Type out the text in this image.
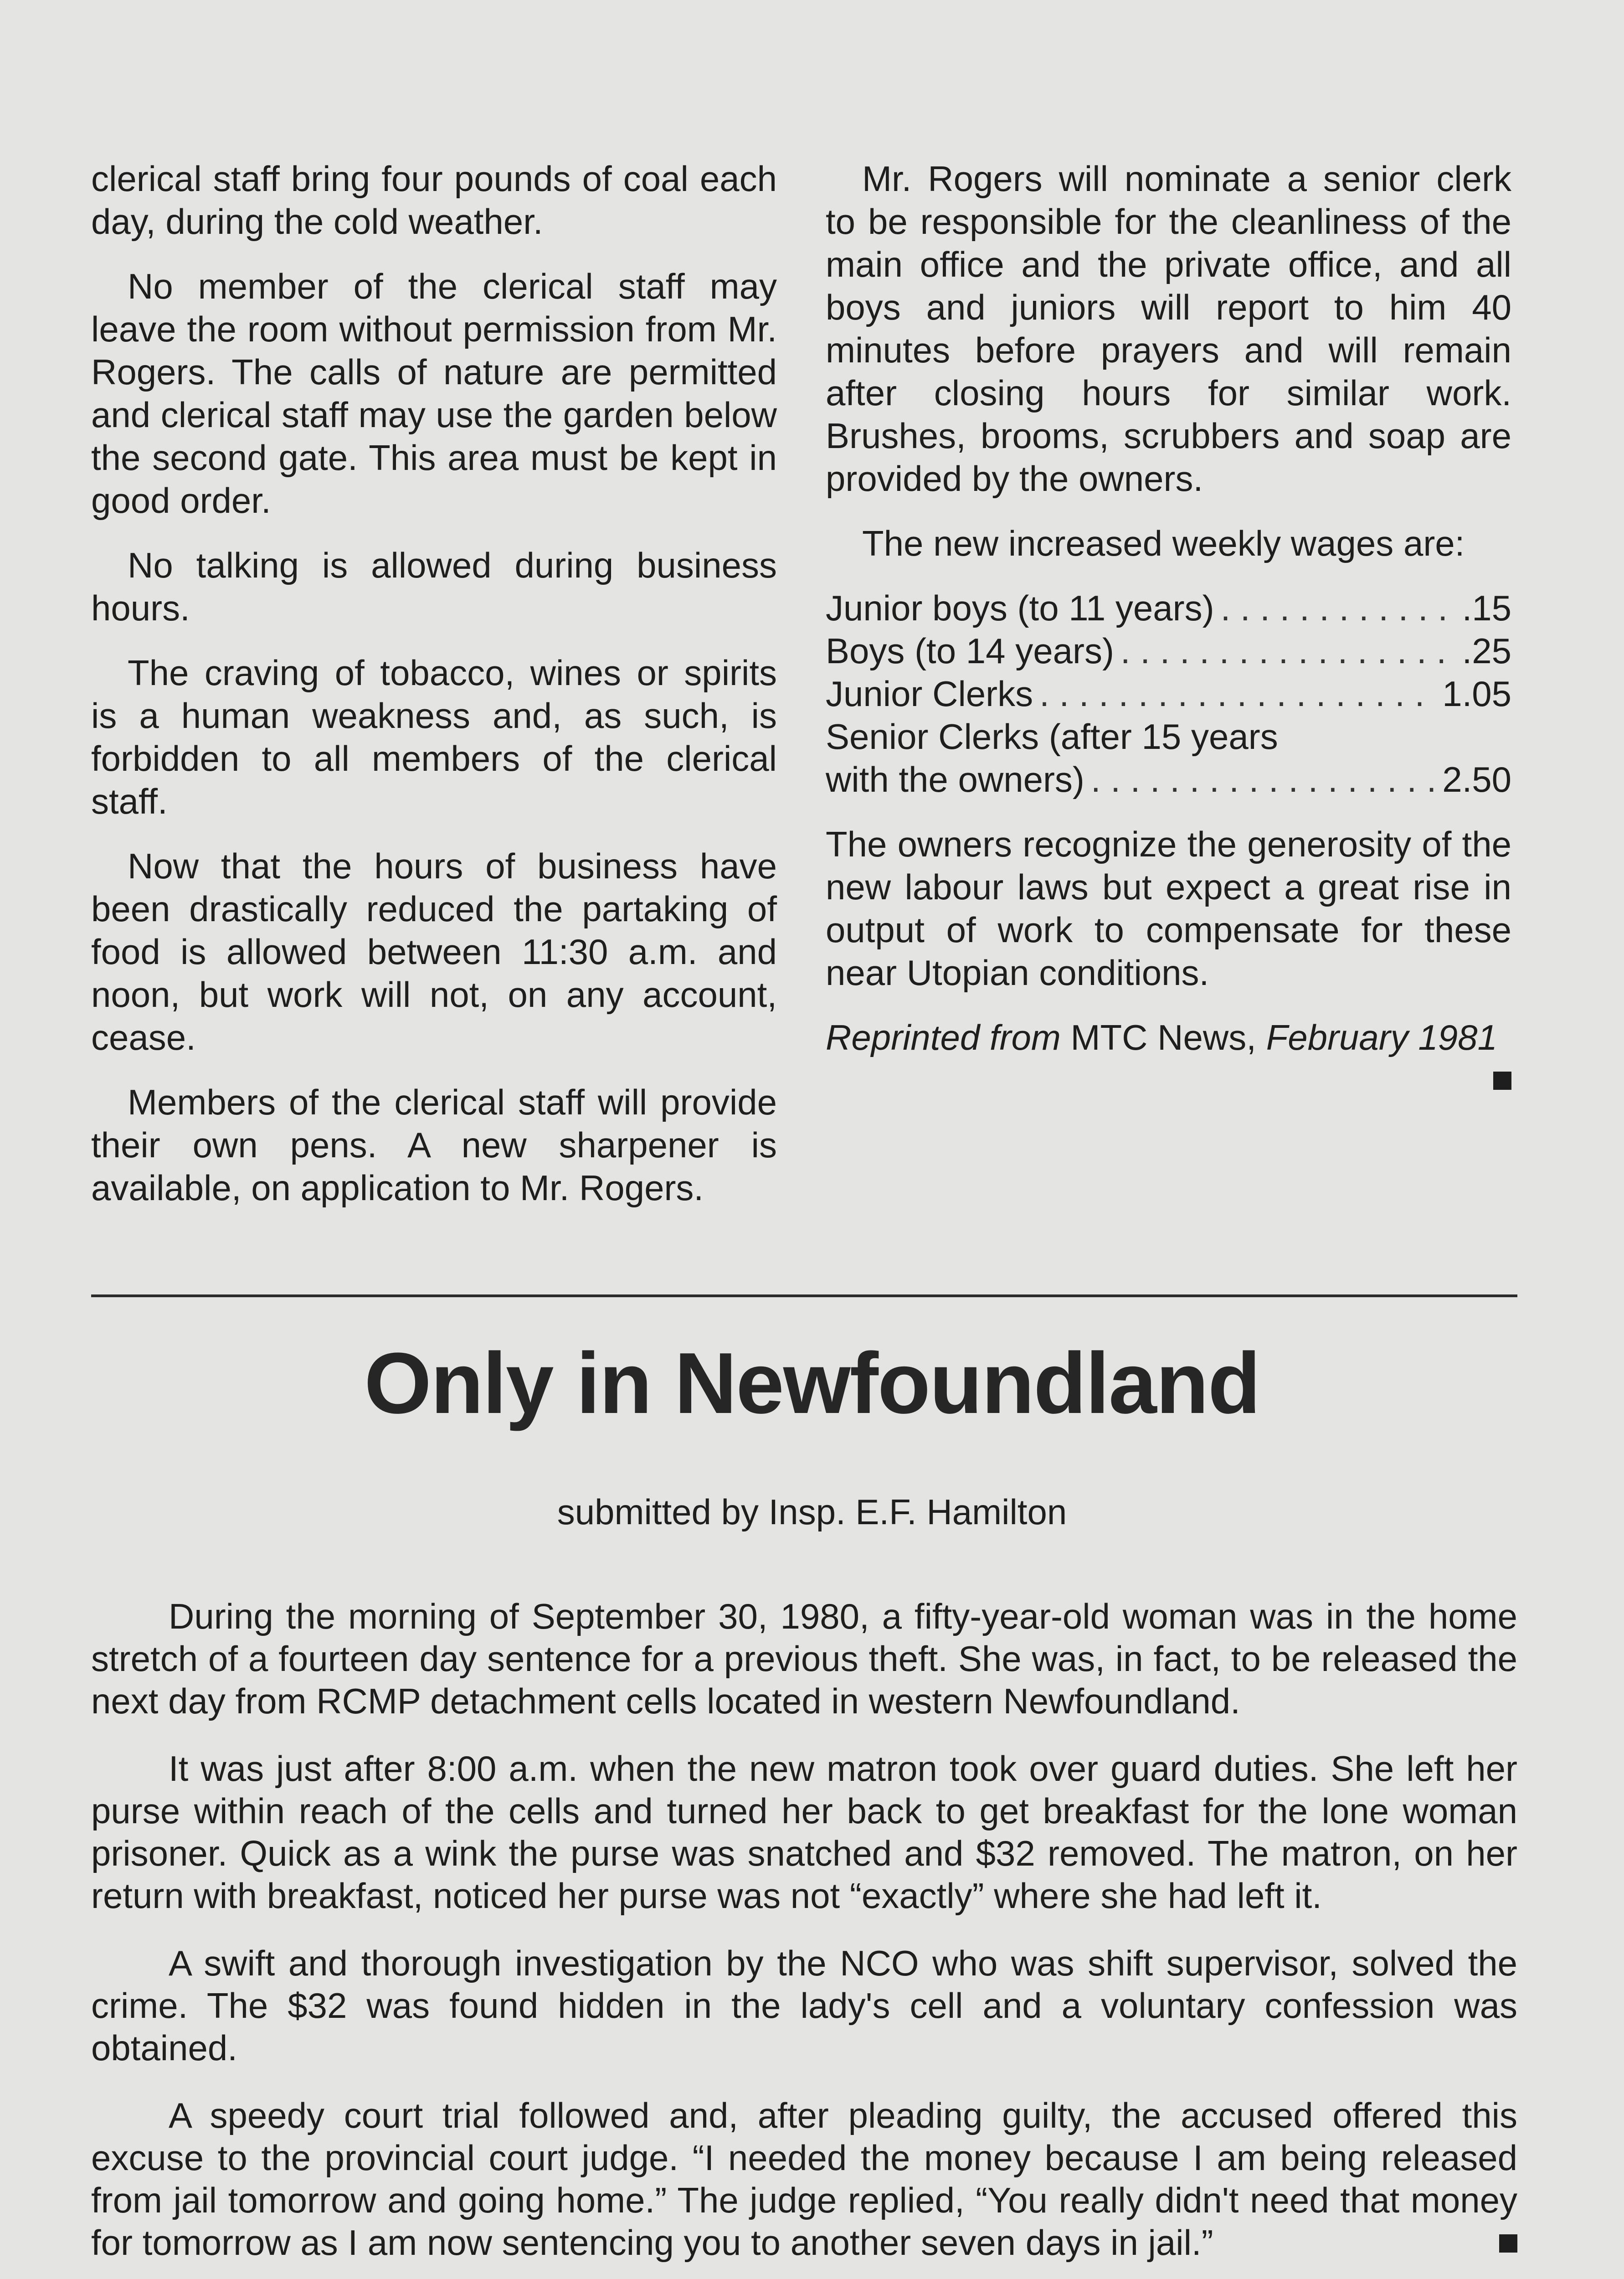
clerical staff bring four pounds of coal each day, during the cold weather.

No member of the clerical staff may leave the room without permission from Mr. Rogers. The calls of nature are permitted and clerical staff may use the garden below the second gate. This area must be kept in good order.

No talking is allowed during business hours.

The craving of tobacco, wines or spirits is a human weakness and, as such, is forbidden to all members of the clerical staff.

Now that the hours of business have been drastically reduced the partaking of food is allowed between 11:30 a.m. and noon, but work will not, on any account, cease.

Members of the clerical staff will provide their own pens. A new sharpener is available, on application to Mr. Rogers.

Mr. Rogers will nominate a senior clerk to be responsible for the cleanliness of the main office and the private office, and all boys and juniors will report to him 40 minutes before prayers and will remain after closing hours for similar work. Brushes, brooms, scrubbers and soap are provided by the owners.

The new increased weekly wages are:

Junior boys (to 11 years) . . .	.15
Boys (to 14 years) . . .	.25
Junior Clerks . . .	1.05
Senior Clerks (after 15 years
with the owners) . . .	2.50

The owners recognize the generosity of the new labour laws but expect a great rise in output of work to compensate for these near Utopian conditions.

Reprinted from MTC News, February 1981

Only in Newfoundland
submitted by Insp. E.F. Hamilton

During the morning of September 30, 1980, a fifty-year-old woman was in the home stretch of a fourteen day sentence for a previous theft. She was, in fact, to be released the next day from RCMP detachment cells located in western Newfoundland.

It was just after 8:00 a.m. when the new matron took over guard duties. She left her purse within reach of the cells and turned her back to get breakfast for the lone woman prisoner. Quick as a wink the purse was snatched and $32 removed. The matron, on her return with breakfast, noticed her purse was not “exactly” where she had left it.

A swift and thorough investigation by the NCO who was shift supervisor, solved the crime. The $32 was found hidden in the lady's cell and a voluntary confession was obtained.

A speedy court trial followed and, after pleading guilty, the accused offered this excuse to the provincial court judge. “I needed the money because I am being released from jail tomorrow and going home.” The judge replied, “You really didn't need that money for tomorrow as I am now sentencing you to another seven days in jail.”
